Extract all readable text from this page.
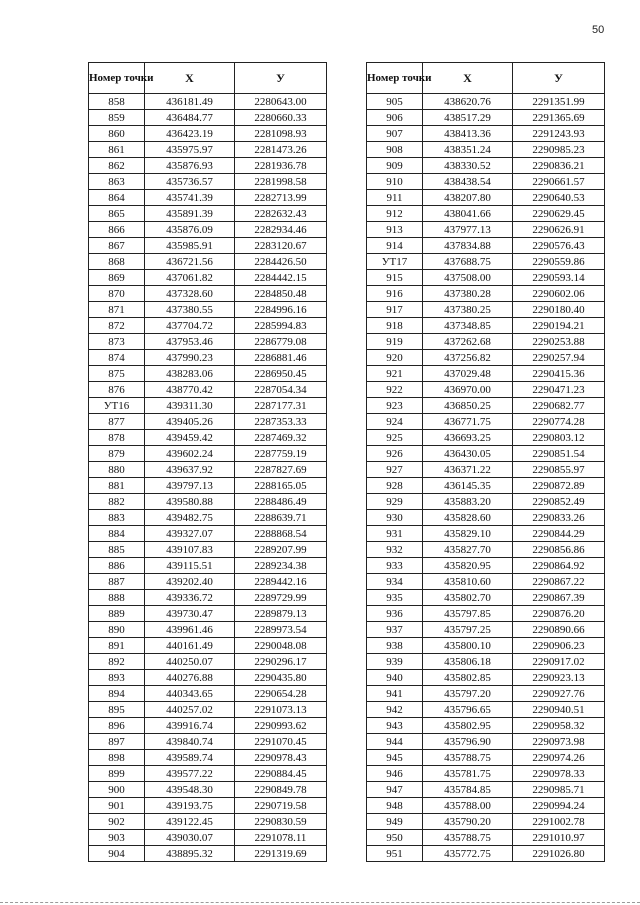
50
Номер точки	X	У
858	436181.49	2280643.00
859	436484.77	2280660.33
860	436423.19	2281098.93
861	435975.97	2281473.26
862	435876.93	2281936.78
863	435736.57	2281998.58
864	435741.39	2282713.99
865	435891.39	2282632.43
866	435876.09	2282934.46
867	435985.91	2283120.67
868	436721.56	2284426.50
869	437061.82	2284442.15
870	437328.60	2284850.48
871	437380.55	2284996.16
872	437704.72	2285994.83
873	437953.46	2286779.08
874	437990.23	2286881.46
875	438283.06	2286950.45
876	438770.42	2287054.34
УТ16	439311.30	2287177.31
877	439405.26	2287353.33
878	439459.42	2287469.32
879	439602.24	2287759.19
880	439637.92	2287827.69
881	439797.13	2288165.05
882	439580.88	2288486.49
883	439482.75	2288639.71
884	439327.07	2288868.54
885	439107.83	2289207.99
886	439115.51	2289234.38
887	439202.40	2289442.16
888	439336.72	2289729.99
889	439730.47	2289879.13
890	439961.46	2289973.54
891	440161.49	2290048.08
892	440250.07	2290296.17
893	440276.88	2290435.80
894	440343.65	2290654.28
895	440257.02	2291073.13
896	439916.74	2290993.62
897	439840.74	2291070.45
898	439589.74	2290978.43
899	439577.22	2290884.45
900	439548.30	2290849.78
901	439193.75	2290719.58
902	439122.45	2290830.59
903	439030.07	2291078.11
904	438895.32	2291319.69
Номер точки	X	У
905	438620.76	2291351.99
906	438517.29	2291365.69
907	438413.36	2291243.93
908	438351.24	2290985.23
909	438330.52	2290836.21
910	438438.54	2290661.57
911	438207.80	2290640.53
912	438041.66	2290629.45
913	437977.13	2290626.91
914	437834.88	2290576.43
УТ17	437688.75	2290559.86
915	437508.00	2290593.14
916	437380.28	2290602.06
917	437380.25	2290180.40
918	437348.85	2290194.21
919	437262.68	2290253.88
920	437256.82	2290257.94
921	437029.48	2290415.36
922	436970.00	2290471.23
923	436850.25	2290682.77
924	436771.75	2290774.28
925	436693.25	2290803.12
926	436430.05	2290851.54
927	436371.22	2290855.97
928	436145.35	2290872.89
929	435883.20	2290852.49
930	435828.60	2290833.26
931	435829.10	2290844.29
932	435827.70	2290856.86
933	435820.95	2290864.92
934	435810.60	2290867.22
935	435802.70	2290867.39
936	435797.85	2290876.20
937	435797.25	2290890.66
938	435800.10	2290906.23
939	435806.18	2290917.02
940	435802.85	2290923.13
941	435797.20	2290927.76
942	435796.65	2290940.51
943	435802.95	2290958.32
944	435796.90	2290973.98
945	435788.75	2290974.26
946	435781.75	2290978.33
947	435784.85	2290985.71
948	435788.00	2290994.24
949	435790.20	2291002.78
950	435788.75	2291010.97
951	435772.75	2291026.80
